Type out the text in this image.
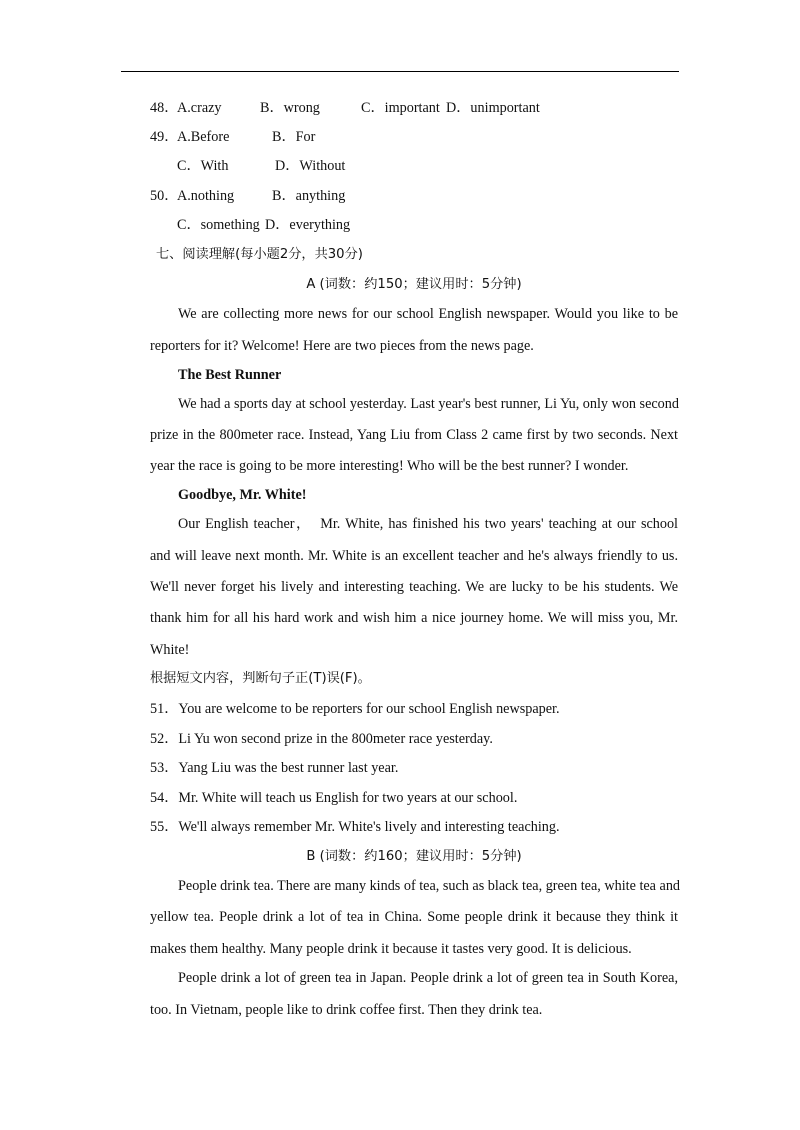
48．
A.crazy	B．wrong	C．important D．unimportant
49．
A.Before	B．For
C．With	D．Without
50．
A.nothing	B．anything
C．something D．everything
七、阅读理解(每小题2分，共30分)
A (词数：约150；建议用时：5分钟)
We are collecting more news for our school English newspaper. Would you like to be
reporters for it? Welcome! Here are two pieces from the news page.
The Best Runner
We had a sports day at school yesterday. Last year's best runner, Li Yu, only won second
prize in the 800meter race. Instead, Yang Liu from Class 2 came first by two seconds. Next
year the race is going to be more interesting! Who will be the best runner? I wonder.
Goodbye, Mr. White!
Our English teacher，　Mr. White, has finished his two years' teaching at our school
and will leave next month. Mr. White is an excellent teacher and he's always friendly to us.
We'll never forget his lively and interesting teaching. We are lucky to be his students. We
thank him for all his hard work and wish him a nice journey home. We will miss you, Mr.
White!
根据短文内容，判断句子正(T)误(F)。
51．You are welcome to be reporters for our school English newspaper.
52．Li Yu won second prize in the 800meter race yesterday.
53．Yang Liu was the best runner last year.
54．Mr. White will teach us English for two years at our school.
55．We'll always remember Mr. White's lively and interesting teaching.
B (词数：约160；建议用时：5分钟)
People drink tea. There are many kinds of tea, such as black tea, green tea, white tea and
yellow tea. People drink a lot of tea in China. Some people drink it because they think it
makes them healthy. Many people drink it because it tastes very good. It is delicious.
People drink a lot of green tea in Japan. People drink a lot of green tea in South Korea,
too. In Vietnam, people like to drink coffee first. Then they drink tea.
